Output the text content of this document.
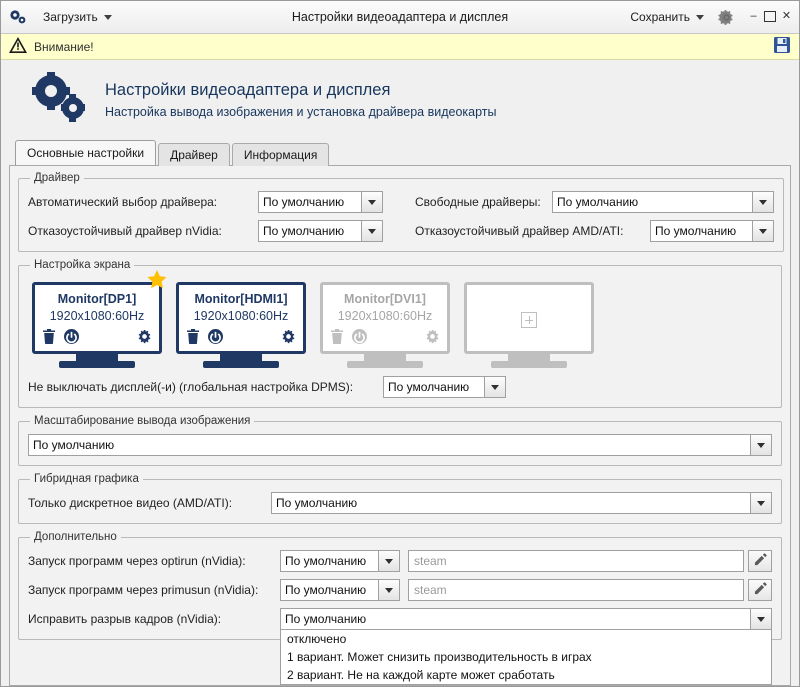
Загрузить	Настройки видеоадаптера и дисплея	Сохранить	–	✕
Внимание!
Настройки видеоадаптера и дисплея
Настройка вывода изображения и установка драйвера видеокарты
Основные настройки	Драйвер	Информация
Драйвер
Автоматический выбор драйвера:	По умолчанию	Свободные драйверы:	По умолчанию
Отказоустойчивый драйвер nVidia:	По умолчанию	Отказоустойчивый драйвер AMD/ATI:	По умолчанию
Настройка экрана
Monitor[DP1]
1920x1080:60Hz
Monitor[HDMI1]
1920x1080:60Hz
Monitor[DVI1]
1920x1080:60Hz
Не выключать дисплей(-и) (глобальная настройка DPMS):	По умолчанию
Масштабирование вывода изображения
По умолчанию
Гибридная графика
Только дискретное видео (AMD/ATI):	По умолчанию
Дополнительно
Запуск программ через optirun (nVidia):	По умолчанию	steam
Запуск программ через primusun (nVidia):	По умолчанию	steam
Исправить разрыв кадров (nVidia):	По умолчанию
отключено
1 вариант. Может снизить производительность в играх
2 вариант. Не на каждой карте может сработать
